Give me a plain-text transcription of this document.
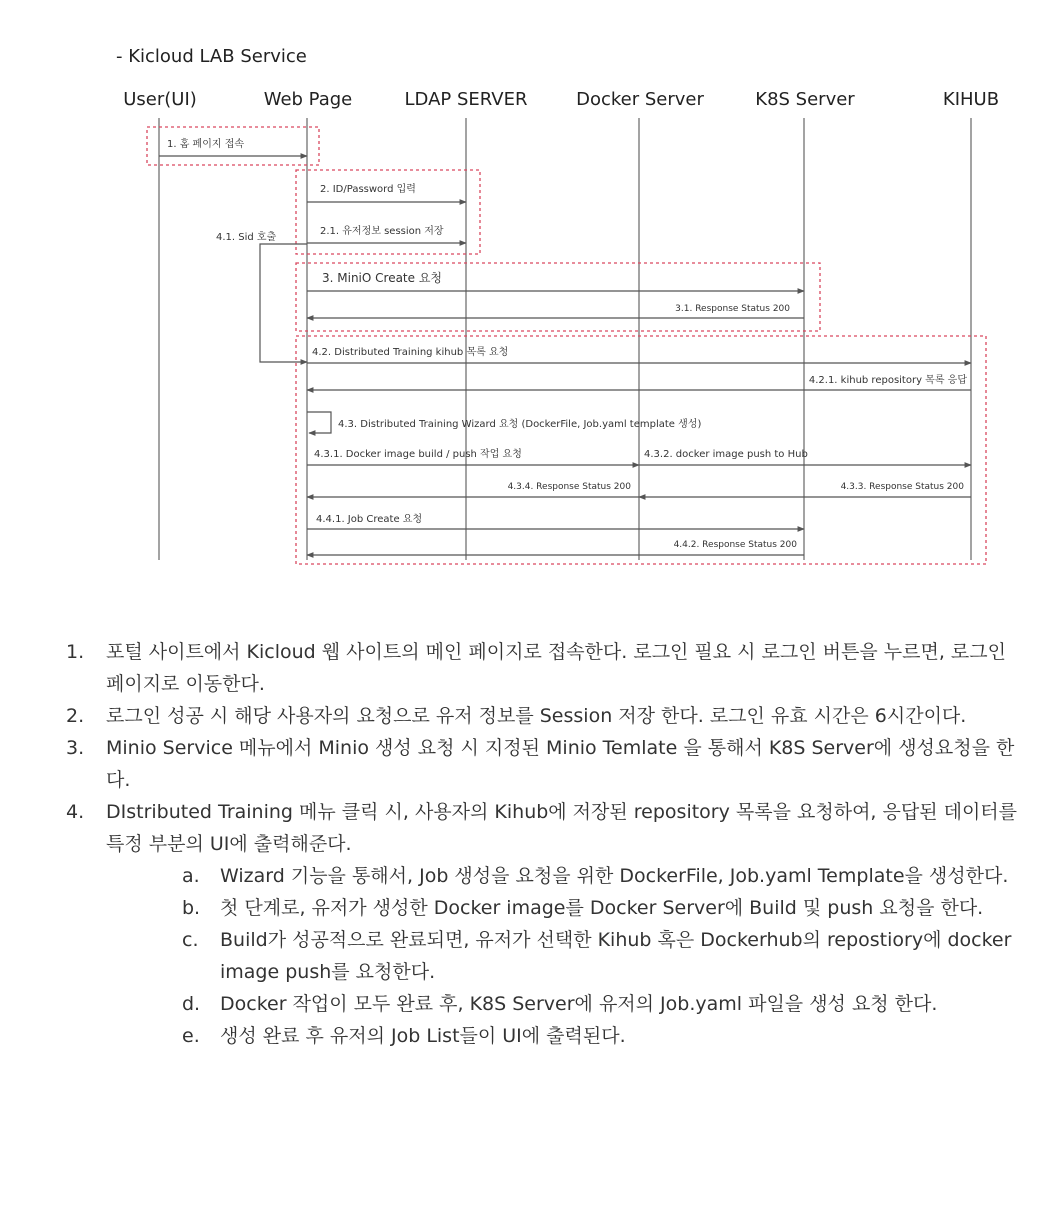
- Kicloud LAB Service
User(UI)	Web Page	LDAP SERVER	Docker Server	K8S Server	KIHUB
1. 홈 페이지 접속
2. ID/Password 입력
2.1. 유저정보 session 저장
4.1. Sid 호출
3. MiniO Create 요청
3.1. Response Status 200
4.2. Distributed Training kihub 목록 요청
4.2.1. kihub repository 목록 응답
4.3. Distributed Training Wizard 요청 (DockerFile, Job.yaml template 생성)
4.3.1. Docker image build / push 작업 요청	4.3.2. docker image push to Hub
4.3.3. Response Status 200
4.3.4. Response Status 200
4.4.1. Job Create 요청
4.4.2. Response Status 200
1. 포털 사이트에서 Kicloud 웹 사이트의 메인 페이지로 접속한다. 로그인 필요 시 로그인 버튼을 누르면, 로그인 페이지로 이동한다.
2. 로그인 성공 시 해당 사용자의 요청으로 유저 정보를 Session 저장 한다. 로그인 유효 시간은 6시간이다.
3. Minio Service 메뉴에서 Minio 생성 요청 시 지정된 Minio Temlate 을 통해서 K8S Server에 생성요청을 한다.
4. DIstributed Training 메뉴 클릭 시, 사용자의 Kihub에 저장된 repository 목록을 요청하여, 응답된 데이터를 특정 부분의 UI에 출력해준다.
a. Wizard 기능을 통해서, Job 생성을 요청을 위한 DockerFile, Job.yaml Template을 생성한다.
b. 첫 단계로, 유저가 생성한 Docker image를 Docker Server에 Build 및 push 요청을 한다.
c. Build가 성공적으로 완료되면, 유저가 선택한 Kihub 혹은 Dockerhub의 repostiory에 docker image push를 요청한다.
d. Docker 작업이 모두 완료 후, K8S Server에 유저의 Job.yaml 파일을 생성 요청 한다.
e. 생성 완료 후 유저의 Job List들이 UI에 출력된다.
